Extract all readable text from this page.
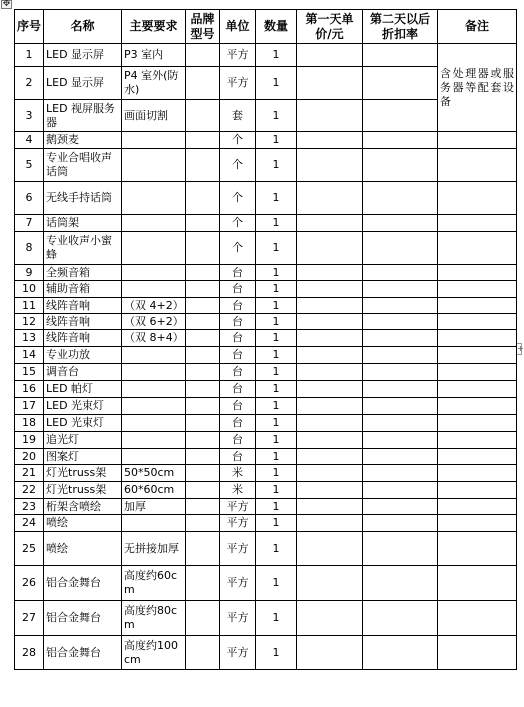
✥
+
序号	名称	主要要求	品牌型号	单位	数量	第一天单价/元	第二天以后折扣率	备注
1	LED 显示屏	P3 室内		平方	1			含处理器或服务器等配套设备
2	LED 显示屏	P4 室外(防水)		平方	1			
3	LED 视屏服务器	画面切割		套	1			
4	鹅颈麦			个	1			
5	专业合唱收声话筒			个	1			
6	无线手持话筒			个	1			
7	话筒架			个	1			
8	专业收声小蜜蜂			个	1			
9	全频音箱			台	1			
10	辅助音箱			台	1			
11	线阵音响	（双 4+2）		台	1			
12	线阵音响	（双 6+2）		台	1			
13	线阵音响	（双 8+4）		台	1			
14	专业功放			台	1			
15	调音台			台	1			
16	LED 帕灯			台	1			
17	LED 光束灯			台	1			
18	LED 光束灯			台	1			
19	追光灯			台	1			
20	图案灯			台	1			
21	灯光truss架	50*50cm		米	1			
22	灯光truss架	60*60cm		米	1			
23	桁架含喷绘	加厚		平方	1			
24	喷绘			平方	1			
25	喷绘	无拼接加厚		平方	1			
26	铝合金舞台	高度约60cm		平方	1			
27	铝合金舞台	高度约80cm		平方	1			
28	铝合金舞台	高度约100cm		平方	1			
